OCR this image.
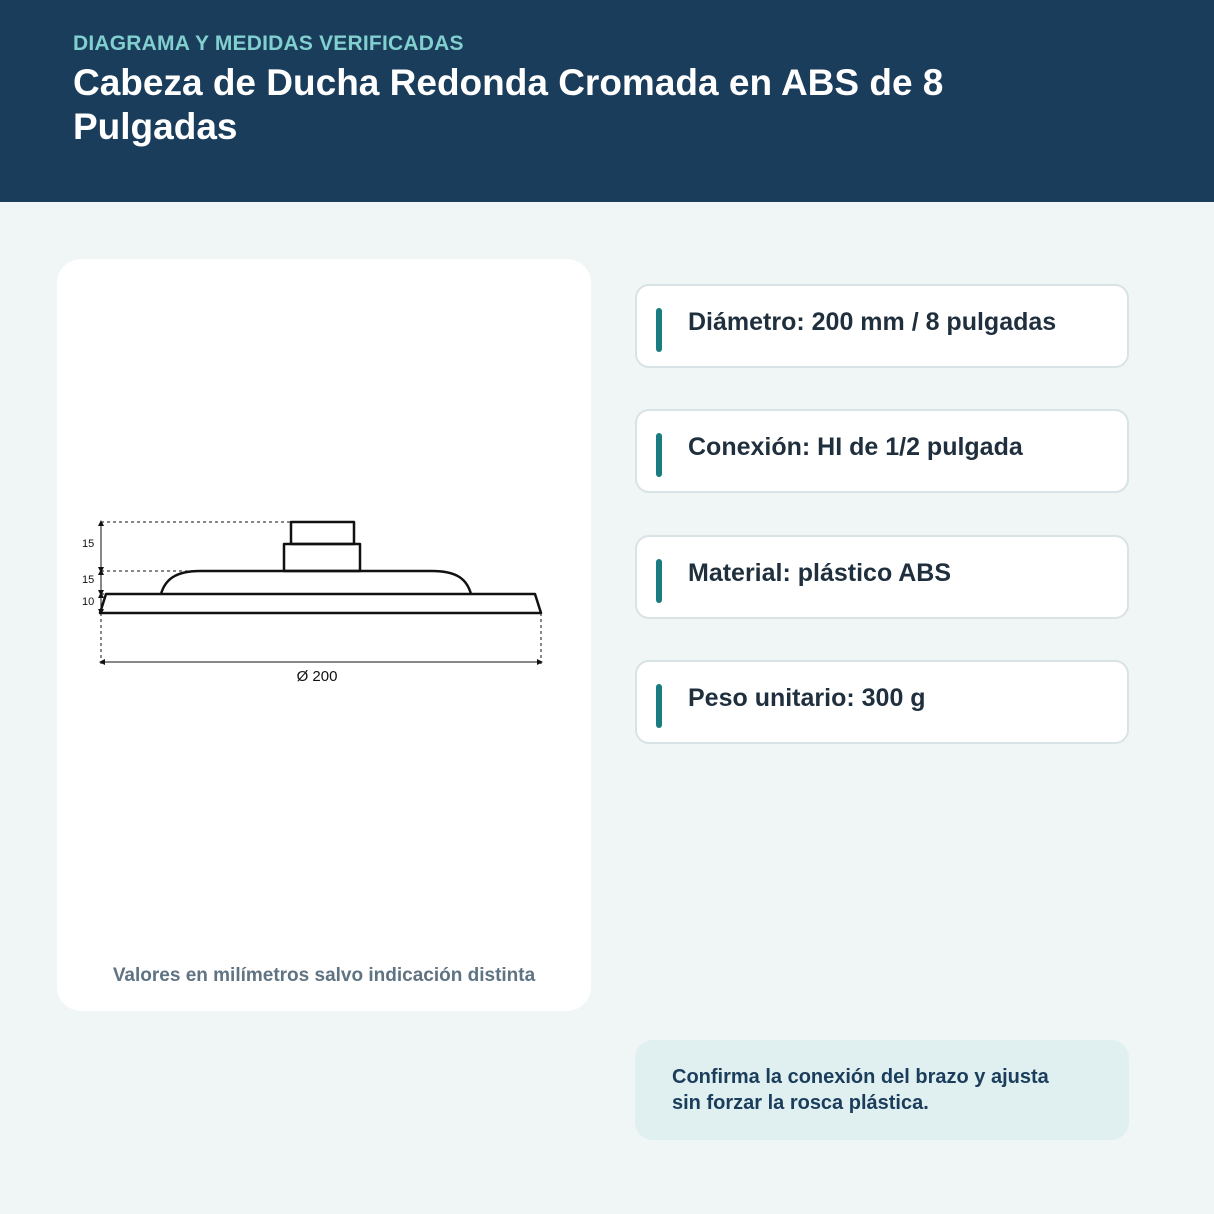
DIAGRAMA Y MEDIDAS VERIFICADAS
Cabeza de Ducha Redonda Cromada en ABS de 8 Pulgadas
15
15
10
Ø 200
Valores en milímetros salvo indicación distinta
Diámetro: 200 mm / 8 pulgadas
Conexión: HI de 1/2 pulgada
Material: plástico ABS
Peso unitario: 300 g
Confirma la conexión del brazo y ajusta sin forzar la rosca plástica.
